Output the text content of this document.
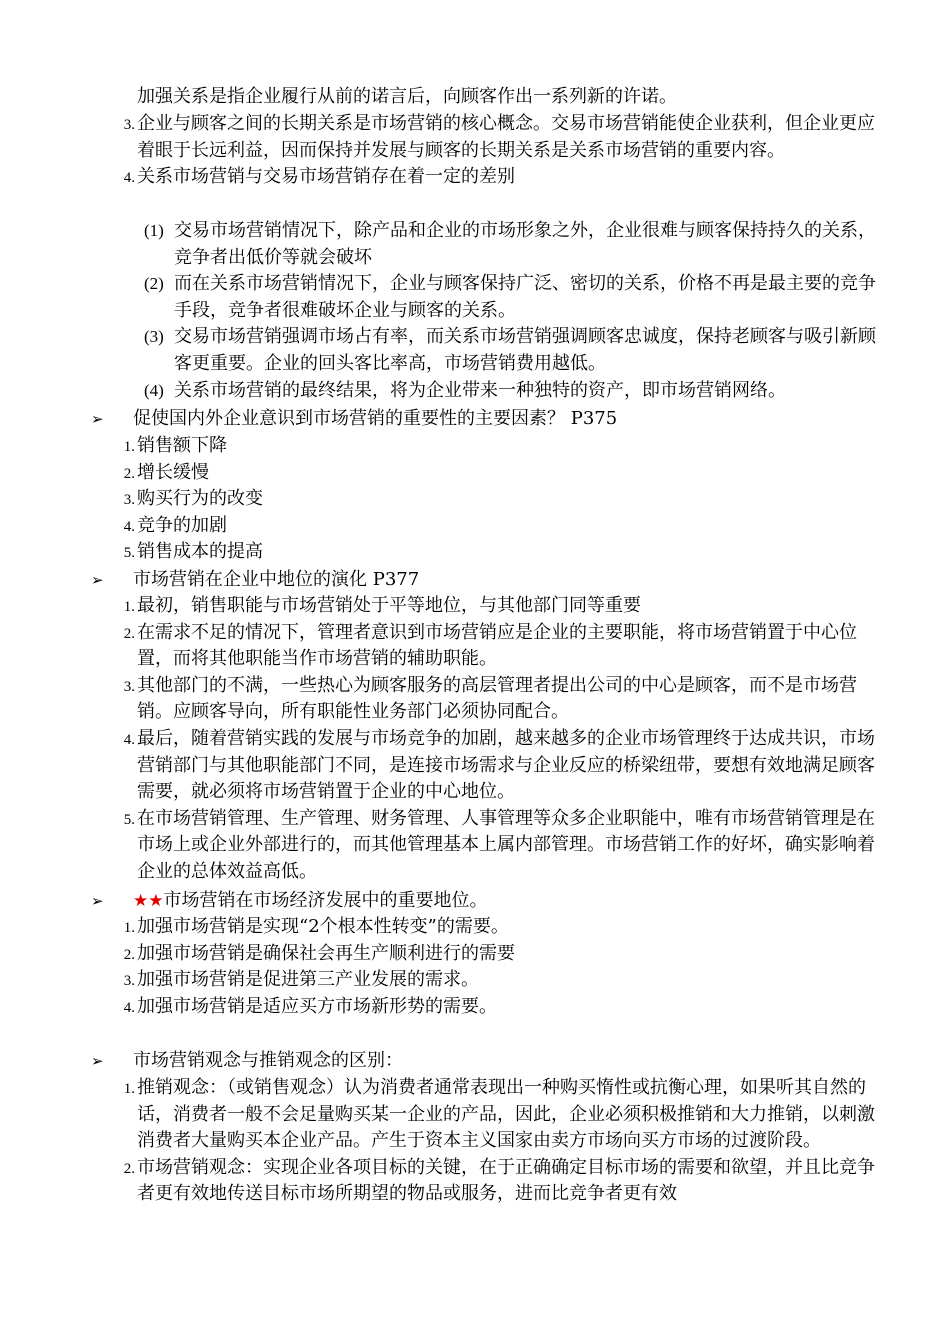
加强关系是指企业履行从前的诺言后，向顾客作出一系列新的许诺。
3. 企业与顾客之间的长期关系是市场营销的核心概念。交易市场营销能使企业获利，但企业更应着眼于长远利益，因而保持并发展与顾客的长期关系是关系市场营销的重要内容。
4. 关系市场营销与交易市场营销存在着一定的差别
(1) 交易市场营销情况下，除产品和企业的市场形象之外，企业很难与顾客保持持久的关系，竞争者出低价等就会破坏
(2) 而在关系市场营销情况下，企业与顾客保持广泛、密切的关系，价格不再是最主要的竞争手段，竞争者很难破坏企业与顾客的关系。
(3) 交易市场营销强调市场占有率，而关系市场营销强调顾客忠诚度，保持老顾客与吸引新顾客更重要。企业的回头客比率高，市场营销费用越低。
(4) 关系市场营销的最终结果，将为企业带来一种独特的资产，即市场营销网络。
➢ 促使国内外企业意识到市场营销的重要性的主要因素？ P375
1. 销售额下降
2. 增长缓慢
3. 购买行为的改变
4. 竞争的加剧
5. 销售成本的提高
➢ 市场营销在企业中地位的演化 P377
1. 最初，销售职能与市场营销处于平等地位，与其他部门同等重要
2. 在需求不足的情况下，管理者意识到市场营销应是企业的主要职能，将市场营销置于中心位置，而将其他职能当作市场营销的辅助职能。
3. 其他部门的不满，一些热心为顾客服务的高层管理者提出公司的中心是顾客，而不是市场营销。应顾客导向，所有职能性业务部门必须协同配合。
4. 最后，随着营销实践的发展与市场竞争的加剧，越来越多的企业市场管理终于达成共识，市场营销部门与其他职能部门不同，是连接市场需求与企业反应的桥梁纽带，要想有效地满足顾客需要，就必须将市场营销置于企业的中心地位。
5. 在市场营销管理、生产管理、财务管理、人事管理等众多企业职能中，唯有市场营销管理是在市场上或企业外部进行的，而其他管理基本上属内部管理。市场营销工作的好坏，确实影响着企业的总体效益高低。
➢ ★★市场营销在市场经济发展中的重要地位。
1. 加强市场营销是实现“2个根本性转变”的需要。
2. 加强市场营销是确保社会再生产顺利进行的需要
3. 加强市场营销是促进第三产业发展的需求。
4. 加强市场营销是适应买方市场新形势的需要。
➢ 市场营销观念与推销观念的区别：
1. 推销观念：（或销售观念）认为消费者通常表现出一种购买惰性或抗衡心理，如果听其自然的话，消费者一般不会足量购买某一企业的产品，因此，企业必须积极推销和大力推销，以刺激消费者大量购买本企业产品。产生于资本主义国家由卖方市场向买方市场的过渡阶段。
2. 市场营销观念：实现企业各项目标的关键，在于正确确定目标市场的需要和欲望，并且比竞争者更有效地传送目标市场所期望的物品或服务，进而比竞争者更有效
